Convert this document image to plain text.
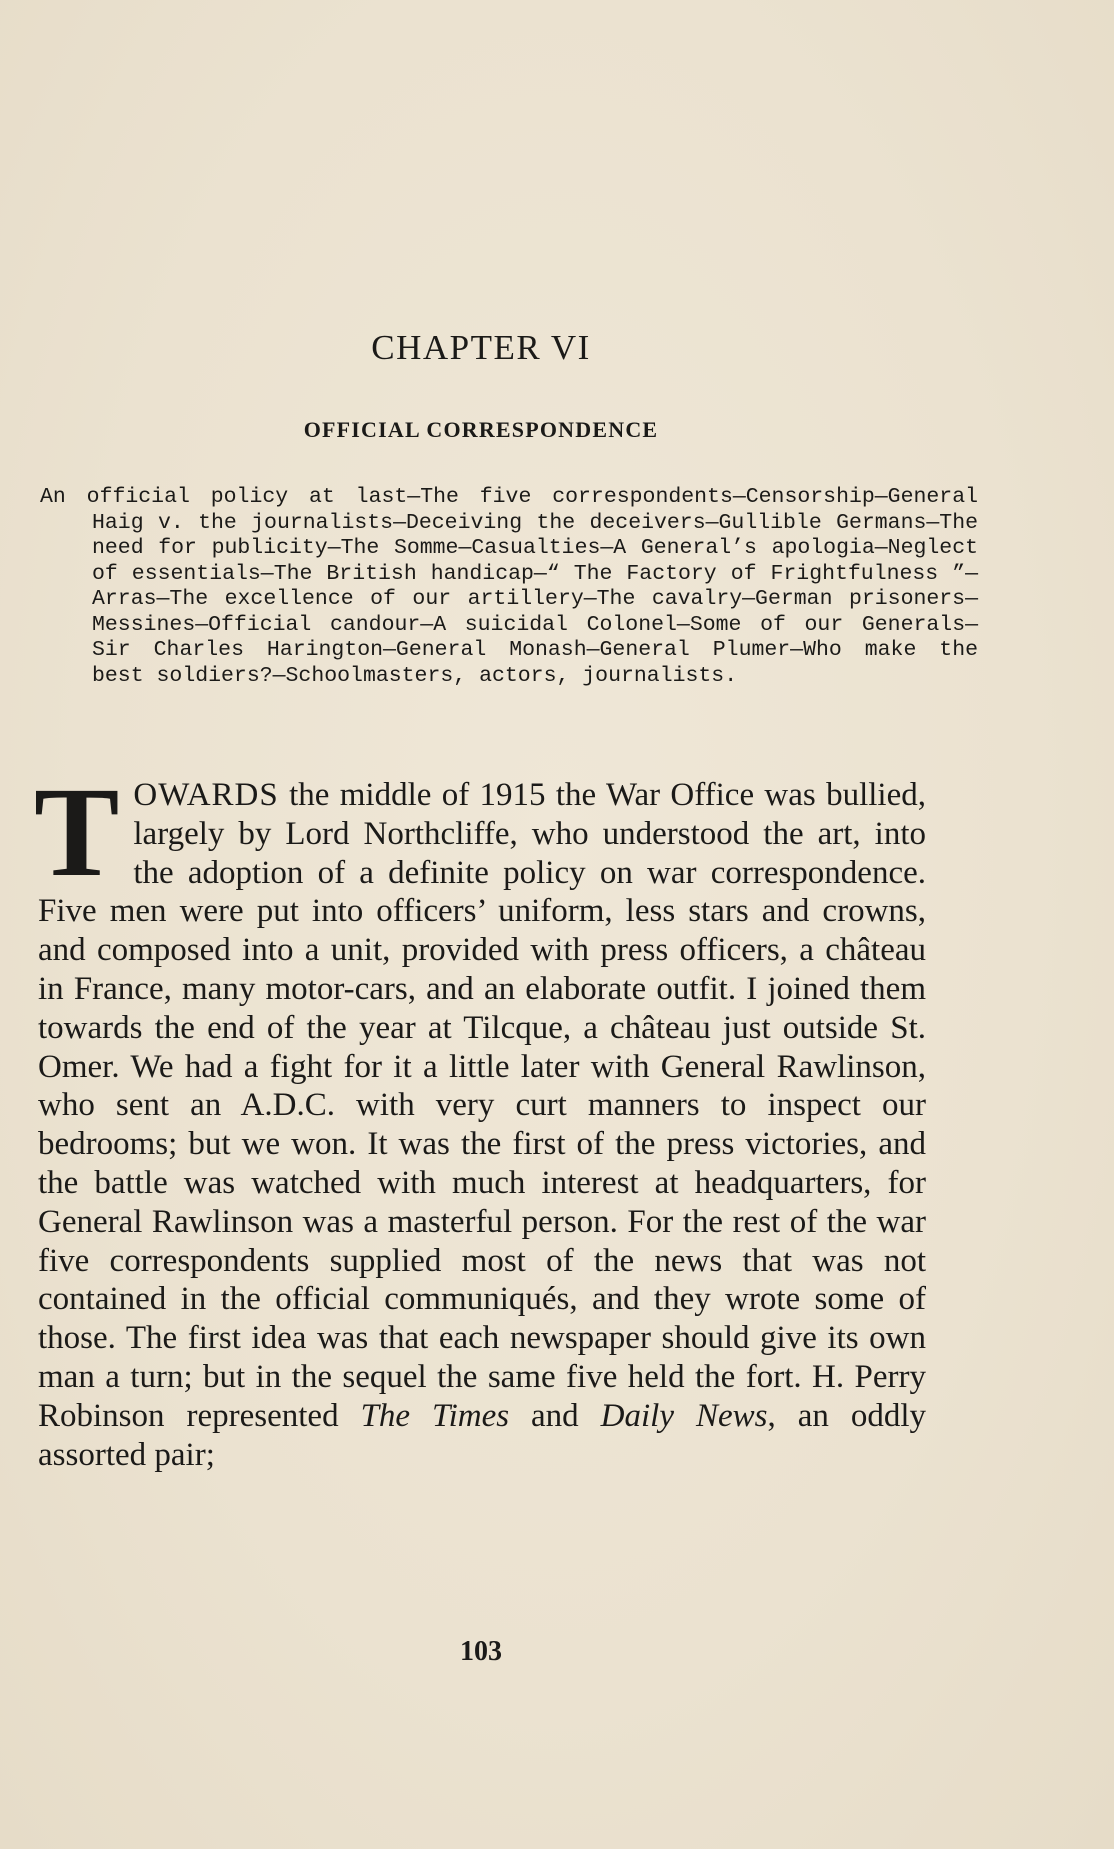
CHAPTER VI
OFFICIAL CORRESPONDENCE

An official policy at last—The five correspondents—Censorship—General Haig v. the journalists—Deceiving the deceivers—Gullible Germans—The need for publicity—The Somme—Casualties—A General’s apologia—Neglect of essentials—The British handicap—“ The Factory of Frightfulness ”—Arras—The excellence of our artillery—The cavalry—German prisoners—Messines—Official candour—A suicidal Colonel—Some of our Generals—Sir Charles Harington—General Monash—General Plumer—Who make the best soldiers?—Schoolmasters, actors, journalists.

TOWARDS the middle of 1915 the War Office was bullied, largely by Lord Northcliffe, who understood the art, into the adoption of a definite policy on war correspondence. Five men were put into officers’ uniform, less stars and crowns, and composed into a unit, provided with press officers, a château in France, many motor-cars, and an elaborate outfit. I joined them towards the end of the year at Tilcque, a château just outside St. Omer. We had a fight for it a little later with General Rawlinson, who sent an A.D.C. with very curt manners to inspect our bedrooms; but we won. It was the first of the press victories, and the battle was watched with much interest at headquarters, for General Rawlinson was a masterful person. For the rest of the war five correspondents supplied most of the news that was not contained in the official communiqués, and they wrote some of those. The first idea was that each newspaper should give its own man a turn; but in the sequel the same five held the fort. H. Perry Robinson represented The Times and Daily News, an oddly assorted pair;

103
